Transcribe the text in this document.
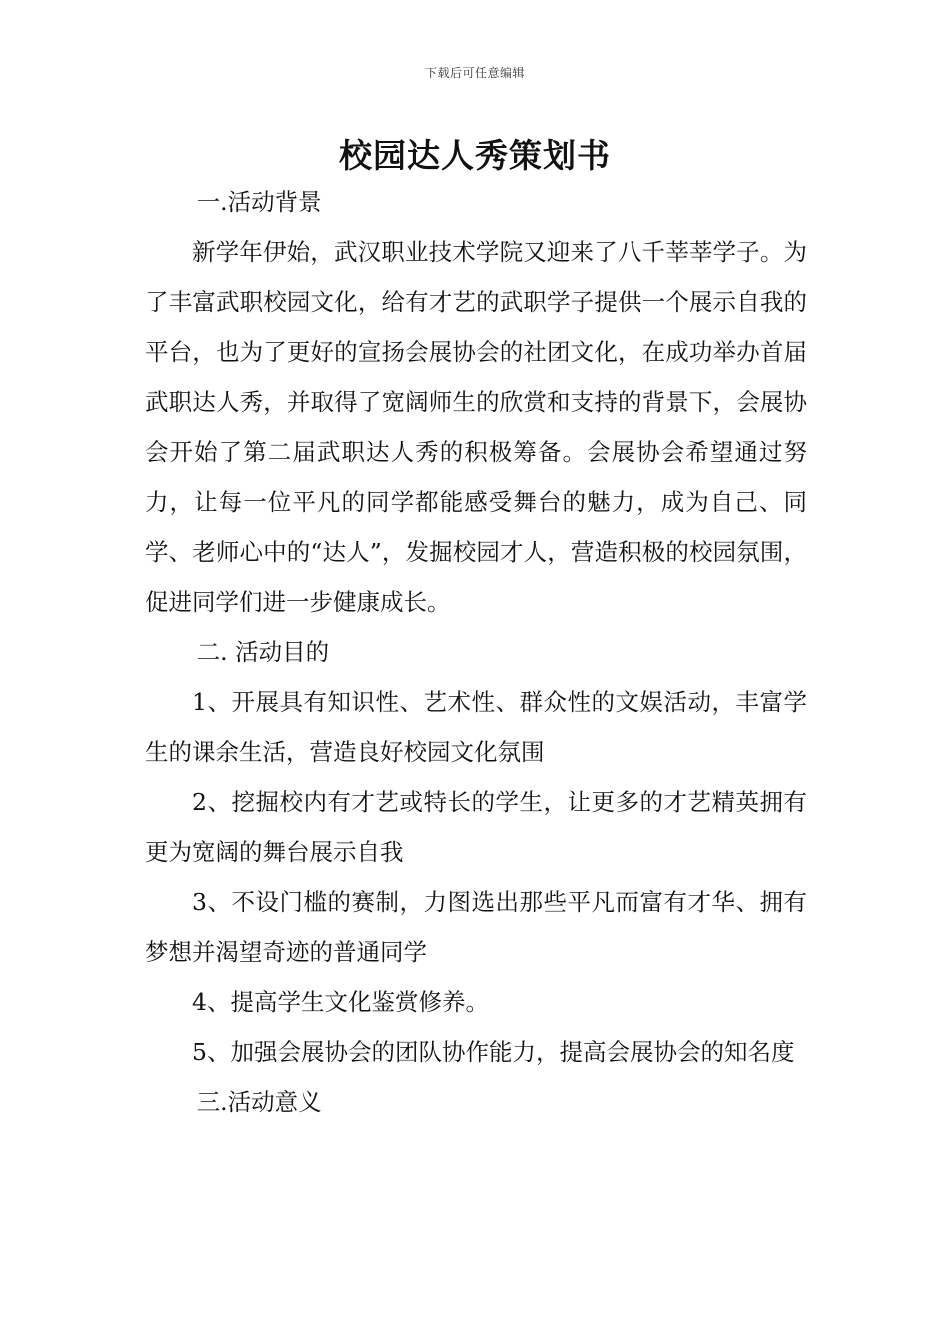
下载后可任意编辑
校园达人秀策划书

一.活动背景

新学年伊始，武汉职业技术学院又迎来了八千莘莘学子。为了丰富武职校园文化，给有才艺的武职学子提供一个展示自我的平台，也为了更好的宣扬会展协会的社团文化，在成功举办首届武职达人秀，并取得了宽阔师生的欣赏和支持的背景下，会展协会开始了第二届武职达人秀的积极筹备。会展协会希望通过努力，让每一位平凡的同学都能感受舞台的魅力，成为自己、同学、老师心中的“达人”，发掘校园才人，营造积极的校园氛围，促进同学们进一步健康成长。

二. 活动目的

1、开展具有知识性、艺术性、群众性的文娱活动，丰富学生的课余生活，营造良好校园文化氛围

2、挖掘校内有才艺或特长的学生，让更多的才艺精英拥有更为宽阔的舞台展示自我

3、不设门槛的赛制，力图选出那些平凡而富有才华、拥有梦想并渴望奇迹的普通同学

4、提高学生文化鉴赏修养。

5、加强会展协会的团队协作能力，提高会展协会的知名度

三.活动意义
